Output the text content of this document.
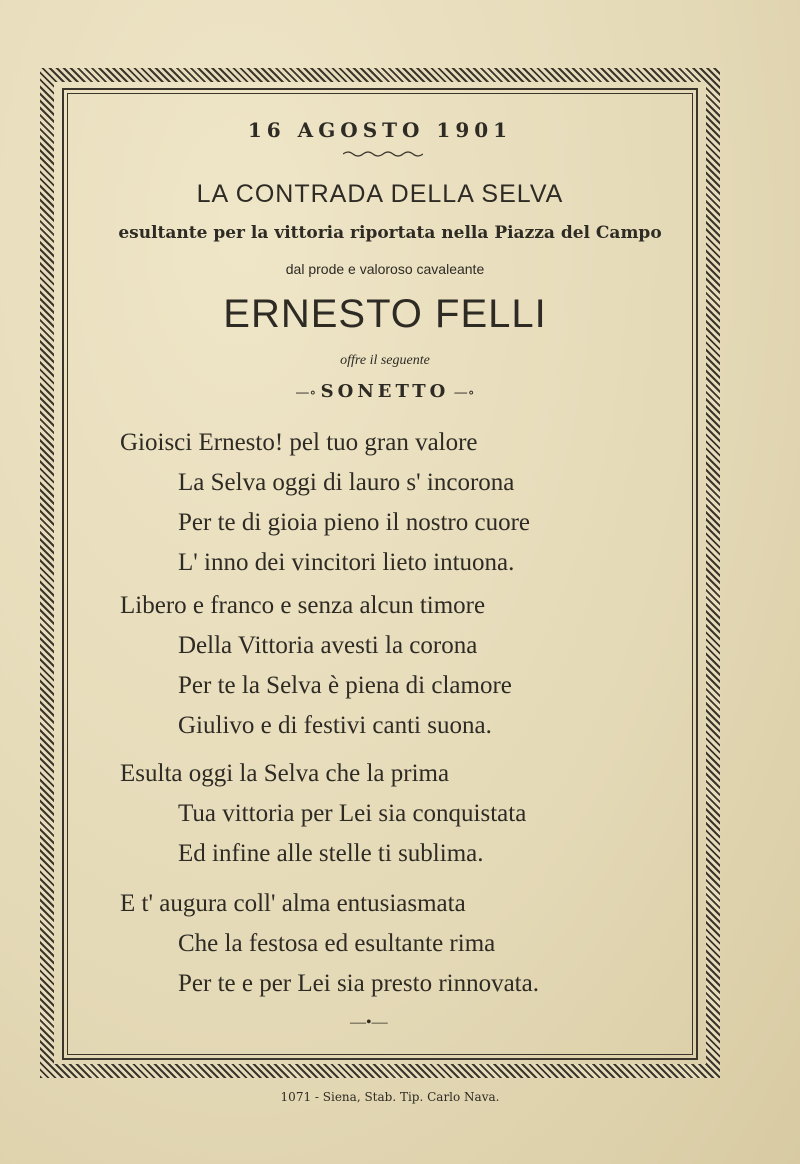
16 AGOSTO 1901
LA CONTRADA DELLA SELVA
esultante per la vittoria riportata nella Piazza del Campo
dal prode e valoroso cavaleante
ERNESTO FELLI
offre il seguente
—∘ SONETTO —∘
Gioisci Ernesto! pel tuo gran valore
La Selva oggi di lauro s' incorona
Per te di gioia pieno il nostro cuore
L' inno dei vincitori lieto intuona.
Libero e franco e senza alcun timore
Della Vittoria avesti la corona
Per te la Selva è piena di clamore
Giulivo e di festivi canti suona.
Esulta oggi la Selva che la prima
Tua vittoria per Lei sia conquistata
Ed infine alle stelle ti sublima.
E t' augura coll' alma entusiasmata
Che la festosa ed esultante rima
Per te e per Lei sia presto rinnovata.
—•—
1071 - Siena, Stab. Tip. Carlo Nava.
